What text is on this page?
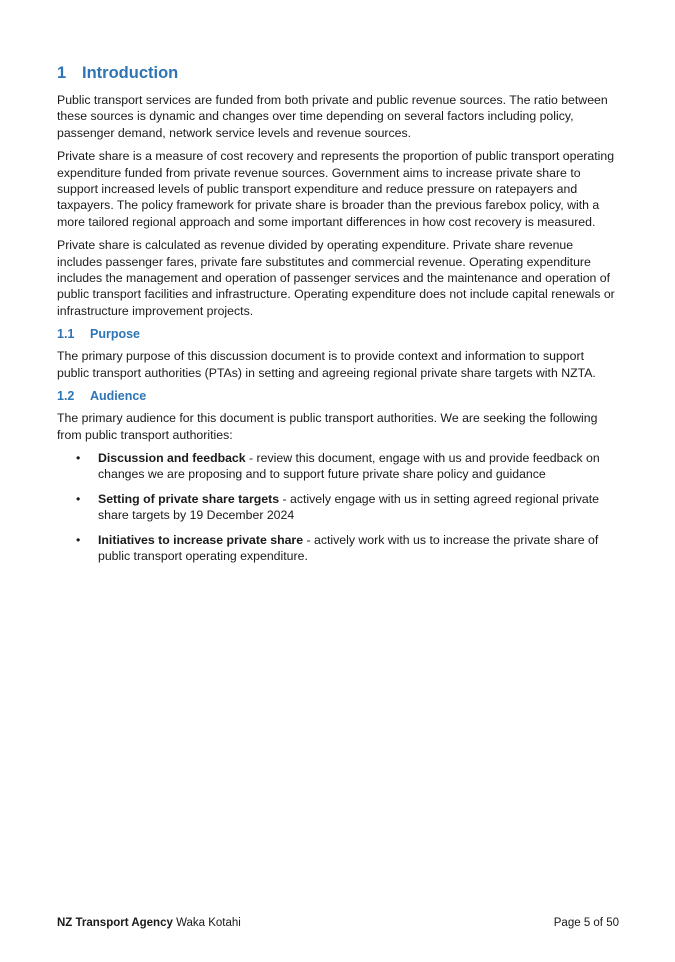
1 Introduction

Public transport services are funded from both private and public revenue sources. The ratio between these sources is dynamic and changes over time depending on several factors including policy, passenger demand, network service levels and revenue sources.

Private share is a measure of cost recovery and represents the proportion of public transport operating expenditure funded from private revenue sources. Government aims to increase private share to support increased levels of public transport expenditure and reduce pressure on ratepayers and taxpayers. The policy framework for private share is broader than the previous farebox policy, with a more tailored regional approach and some important differences in how cost recovery is measured.

Private share is calculated as revenue divided by operating expenditure. Private share revenue includes passenger fares, private fare substitutes and commercial revenue. Operating expenditure includes the management and operation of passenger services and the maintenance and operation of public transport facilities and infrastructure. Operating expenditure does not include capital renewals or infrastructure improvement projects.

1.1 Purpose

The primary purpose of this discussion document is to provide context and information to support public transport authorities (PTAs) in setting and agreeing regional private share targets with NZTA.

1.2 Audience

The primary audience for this document is public transport authorities. We are seeking the following from public transport authorities:

• Discussion and feedback - review this document, engage with us and provide feedback on changes we are proposing and to support future private share policy and guidance
• Setting of private share targets - actively engage with us in setting agreed regional private share targets by 19 December 2024
• Initiatives to increase private share - actively work with us to increase the private share of public transport operating expenditure.
NZ Transport Agency Waka Kotahi	Page 5 of 50
